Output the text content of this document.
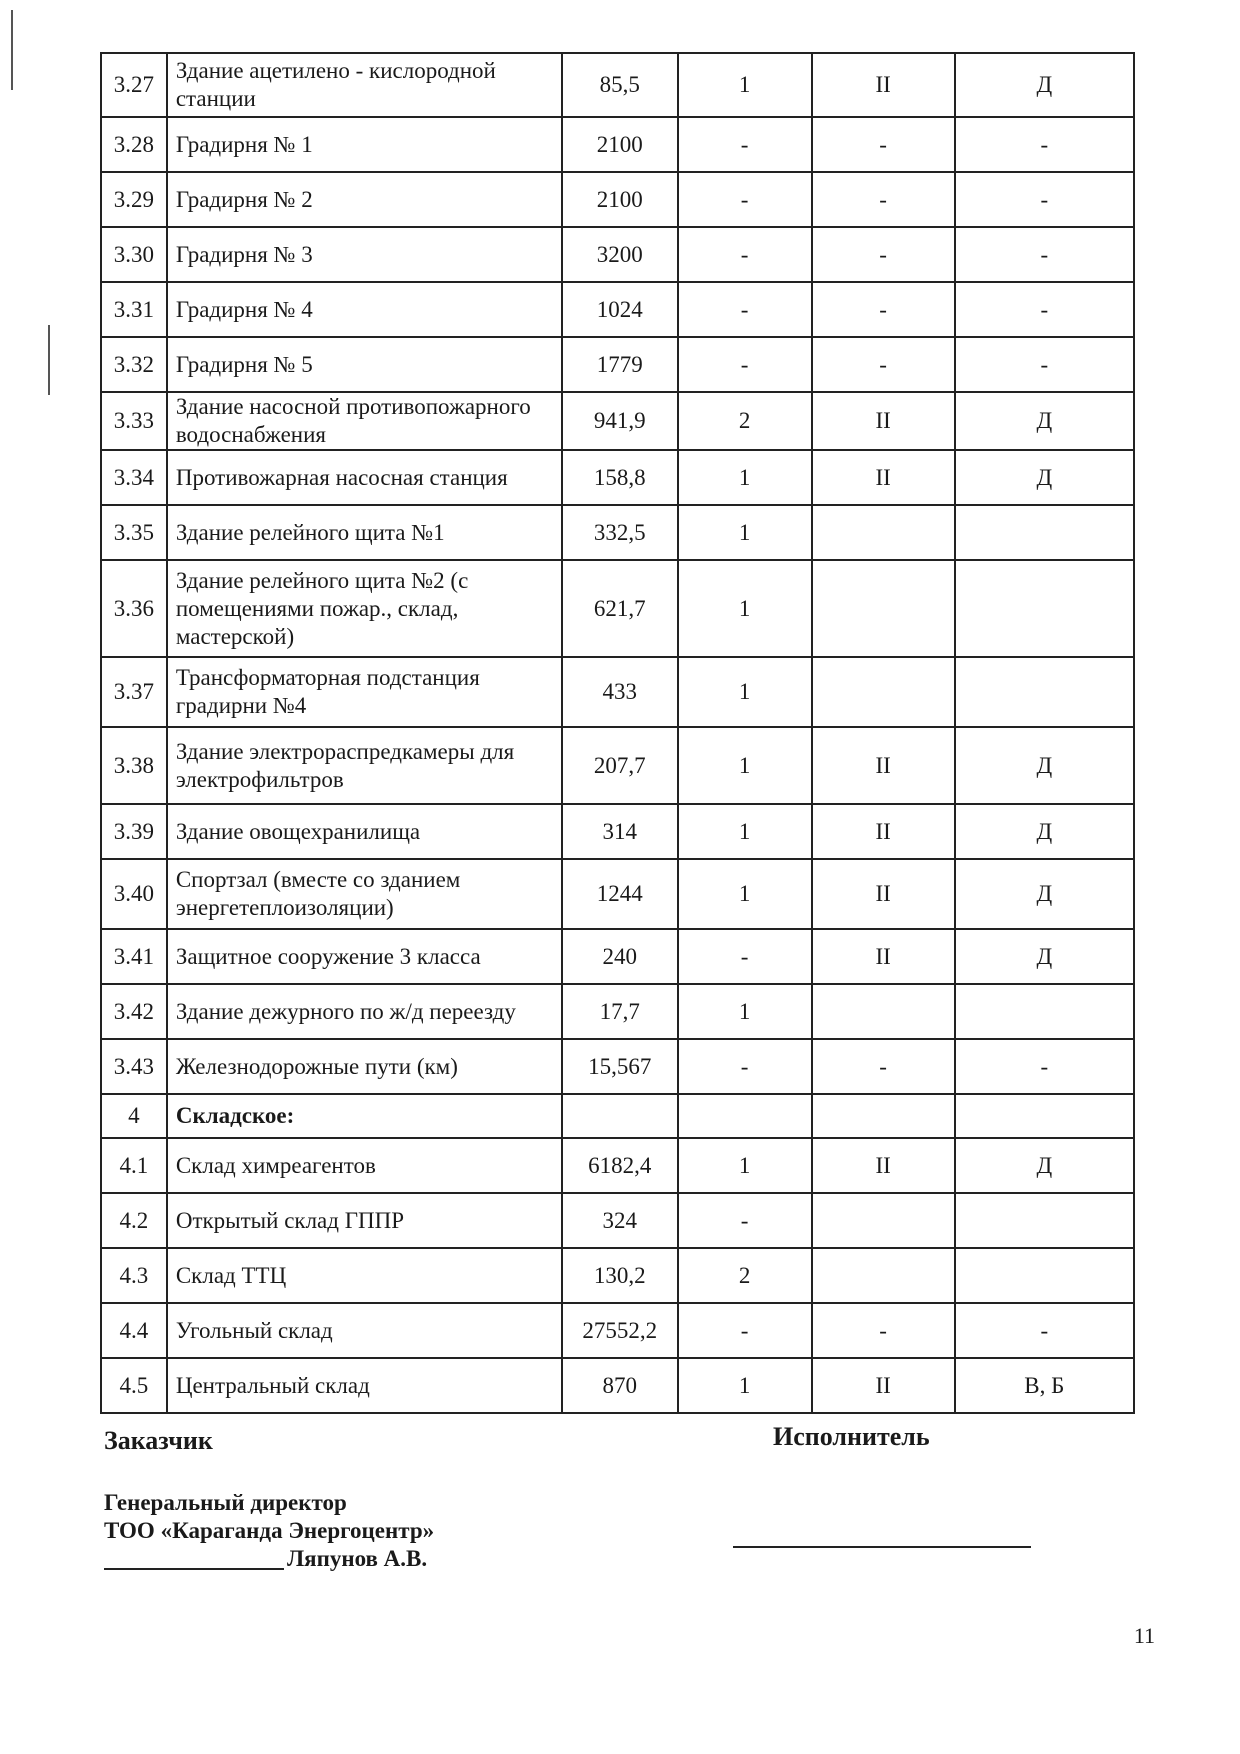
3.27	Здание ацетилено - кислородной станции	85,5	1	II	Д
3.28	Градирня № 1	2100	-	-	-
3.29	Градирня № 2	2100	-	-	-
3.30	Градирня № 3	3200	-	-	-
3.31	Градирня № 4	1024	-	-	-
3.32	Градирня № 5	1779	-	-	-
3.33	Здание насосной противопожарного водоснабжения	941,9	2	II	Д
3.34	Противожарная насосная станция	158,8	1	II	Д
3.35	Здание релейного щита №1	332,5	1		
3.36	Здание релейного щита №2 (с помещениями пожар., склад, мастерской)	621,7	1		
3.37	Трансформаторная подстанция градирни №4	433	1		
3.38	Здание электрораспредкамеры для электрофильтров	207,7	1	II	Д
3.39	Здание овощехранилища	314	1	II	Д
3.40	Спортзал (вместе со зданием энергетеплоизоляции)	1244	1	II	Д
3.41	Защитное сооружение 3 класса	240	-	II	Д
3.42	Здание дежурного по ж/д переезду	17,7	1		
3.43	Железнодорожные пути (км)	15,567	-	-	-
4	Складское:				
4.1	Склад химреагентов	6182,4	1	II	Д
4.2	Открытый склад ГППР	324	-		
4.3	Склад ТТЦ	130,2	2		
4.4	Угольный склад	27552,2	-	-	-
4.5	Центральный склад	870	1	II	В, Б
Заказчик	Исполнитель
Генеральный директор
ТОО «Караганда Энергоцентр»
Ляпунов А.В.
11
